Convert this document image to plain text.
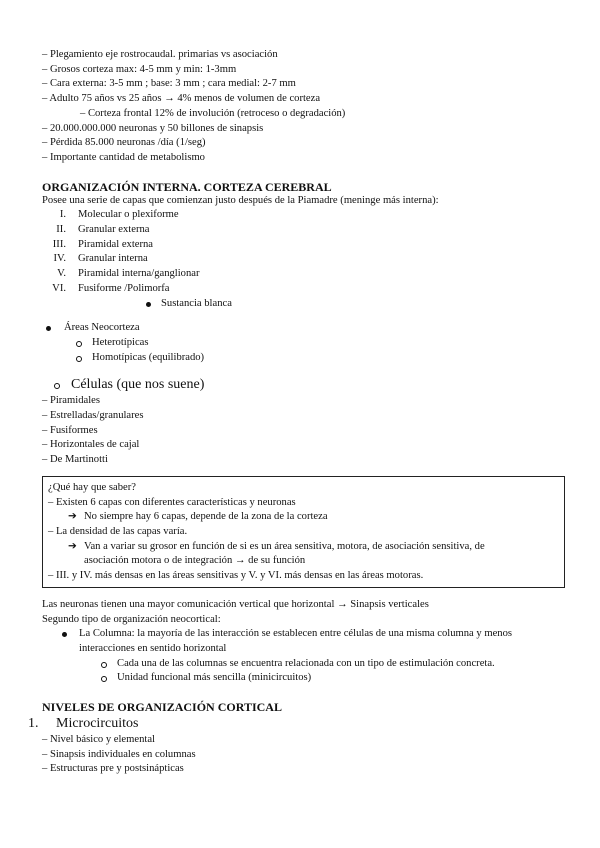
– Plegamiento eje rostrocaudal. primarias vs asociación
– Grosos corteza max: 4-5 mm y min: 1-3mm
– Cara externa: 3-5 mm ; base: 3 mm ; cara medial: 2-7 mm
– Adulto 75 años vs 25 años → 4% menos de volumen de corteza
– Corteza frontal 12% de involución (retroceso o degradación)
– 20.000.000.000 neuronas y 50 billones de sinapsis
– Pérdida 85.000 neuronas /día (1/seg)
– Importante cantidad de metabolismo
ORGANIZACIÓN INTERNA. CORTEZA CEREBRAL
Posee una serie de capas que comienzan justo después de la Piamadre (meninge más interna):
I.	Molecular o plexiforme
II.	Granular externa
III.	Piramidal externa
IV.	Granular interna
V.	Piramidal interna/ganglionar
VI.	Fusiforme /Polimorfa
Sustancia blanca
Áreas Neocorteza
Heterotípicas
Homotípicas (equilibrado)
Células (que nos suene)
– Piramidales
– Estrelladas/granulares
– Fusiformes
– Horizontales de cajal
– De Martinotti
¿Qué hay que saber?
– Existen 6 capas con diferentes características y neuronas
➔ No siempre hay 6 capas, depende de la zona de la corteza
– La densidad de las capas varía.
➔ Van a variar su grosor en función de si es un área sensitiva, motora, de asociación sensitiva, de
asociación motora o de integración → de su función
– III. y IV. más densas en las áreas sensitivas y V. y VI. más densas en las áreas motoras.
Las neuronas tienen una mayor comunicación vertical que horizontal → Sinapsis verticales
Segundo tipo de organización neocortical:
La Columna: la mayoría de las interacción se establecen entre células de una misma columna y menos
interacciones en sentido horizontal
Cada una de las columnas se encuentra relacionada con un tipo de estimulación concreta.
Unidad funcional más sencilla (minicircuitos)
NIVELES DE ORGANIZACIÓN CORTICAL
1.	Microcircuitos
– Nivel básico y elemental
– Sinapsis individuales en columnas
– Estructuras pre y postsinápticas
